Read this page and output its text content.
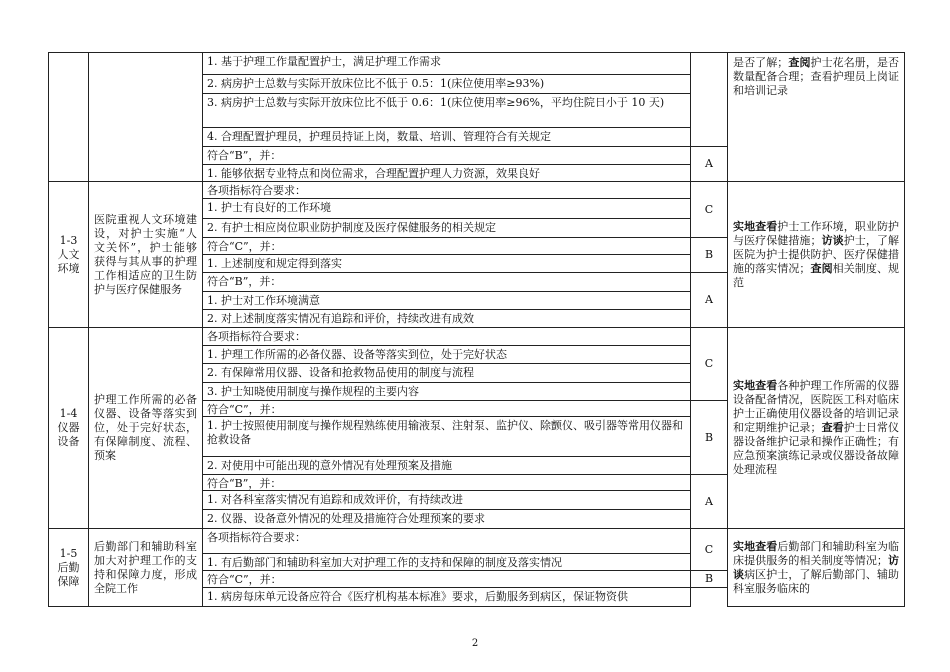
1. 基于护理工作量配置护士，满足护理工作需求
2. 病房护士总数与实际开放床位比不低于 0.5：1(床位使用率≥93%)
3. 病房护士总数与实际开放床位比不低于 0.6：1(床位使用率≥96%，平均住院日小于 10 天)
4. 合理配置护理员，护理员持证上岗，数量、培训、管理符合有关规定
符合“B”，并：
1. 能够依据专业特点和岗位需求，合理配置护理人力资源，效果良好
A
是否了解；查阅护士花名册，是否数量配备合理；查看护理员上岗证和培训记录
1-3
人文
环境
医院重视人文环境建设，对护士实施“人文关怀”，护士能够获得与其从事的护理工作相适应的卫生防护与医疗保健服务
各项指标符合要求：
1. 护士有良好的工作环境
2. 有护士相应岗位职业防护制度及医疗保健服务的相关规定
符合“C”，并：
1. 上述制度和规定得到落实
符合“B”，并：
1. 护士对工作环境满意
2. 对上述制度落实情况有追踪和评价，持续改进有成效
C
B
A
实地查看护士工作环境，职业防护与医疗保健措施；访谈护士，了解医院为护士提供防护、医疗保健措施的落实情况；查阅相关制度、规范
1-4
仪器
设备
护理工作所需的必备仪器、设备等落实到位，处于完好状态，有保障制度、流程、预案
各项指标符合要求：
1. 护理工作所需的必备仪器、设备等落实到位，处于完好状态
2. 有保障常用仪器、设备和抢救物品使用的制度与流程
3. 护士知晓使用制度与操作规程的主要内容
符合“C”，并：
1. 护士按照使用制度与操作规程熟练使用输液泵、注射泵、监护仪、除颤仪、吸引器等常用仪器和抢救设备
2. 对使用中可能出现的意外情况有处理预案及措施
符合“B”，并：
1. 对各科室落实情况有追踪和成效评价，有持续改进
2. 仪器、设备意外情况的处理及措施符合处理预案的要求
C
B
A
实地查看各种护理工作所需的仪器设备配备情况，医院医工科对临床护士正确使用仪器设备的培训记录和定期维护记录；查看护士日常仪器设备维护记录和操作正确性；有应急预案演练记录或仪器设备故障处理流程
1-5
后勤
保障
后勤部门和辅助科室加大对护理工作的支持和保障力度，形成全院工作
各项指标符合要求：
1. 有后勤部门和辅助科室加大对护理工作的支持和保障的制度及落实情况
符合“C”，并：
1. 病房每床单元设备应符合《医疗机构基本标准》要求，后勤服务到病区，保证物资供
C
B
实地查看后勤部门和辅助科室为临床提供服务的相关制度等情况；访谈病区护士，了解后勤部门、辅助科室服务临床的
2
